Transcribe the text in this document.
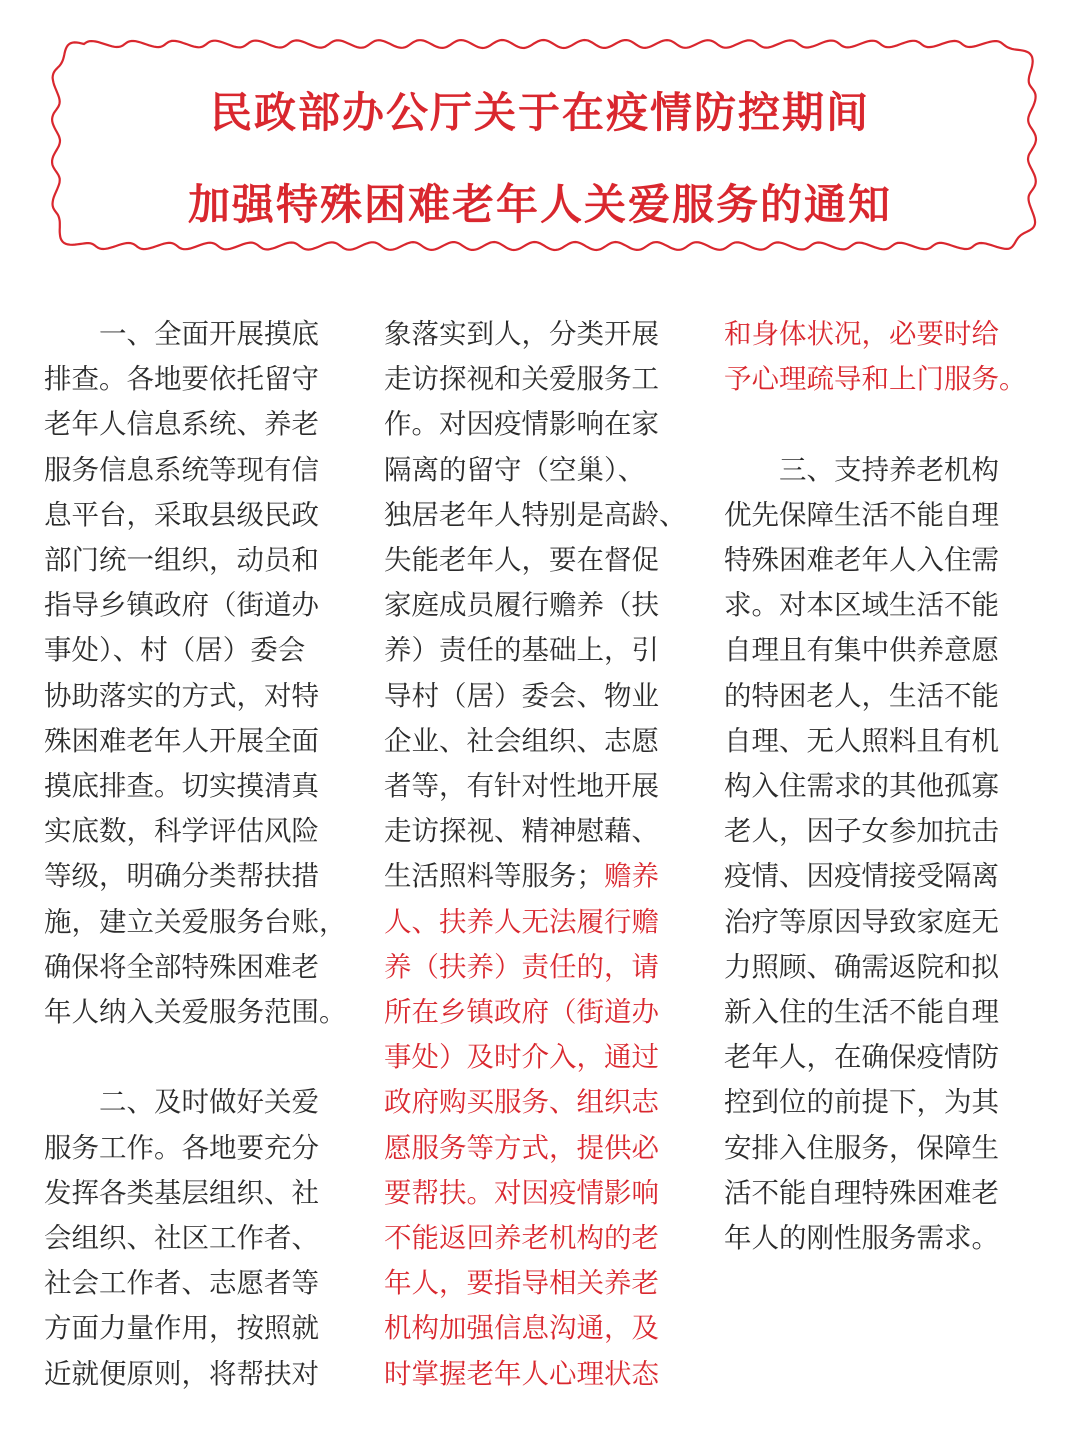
民政部办公厅关于在疫情防控期间
加强特殊困难老年人关爱服务的通知

一、全面开展摸底

排查。各地要依托留守

老年人信息系统、养老

服务信息系统等现有信

息平台，采取县级民政

部门统一组织，动员和

指导乡镇政府（街道办

事处）、村（居）委会

协助落实的方式，对特

殊困难老年人开展全面

摸底排查。切实摸清真

实底数，科学评估风险

等级，明确分类帮扶措

施，建立关爱服务台账，

确保将全部特殊困难老

年人纳入关爱服务范围。

二、及时做好关爱

服务工作。各地要充分

发挥各类基层组织、社

会组织、社区工作者、

社会工作者、志愿者等

方面力量作用，按照就

近就便原则，将帮扶对

象落实到人，分类开展

走访探视和关爱服务工

作。对因疫情影响在家

隔离的留守（空巢）、

独居老年人特别是高龄、

失能老年人，要在督促

家庭成员履行赡养（扶

养）责任的基础上，引

导村（居）委会、物业

企业、社会组织、志愿

者等，有针对性地开展

走访探视、精神慰藉、

生活照料等服务；赡养

人、扶养人无法履行赡

养（扶养）责任的，请

所在乡镇政府（街道办

事处）及时介入，通过

政府购买服务、组织志

愿服务等方式，提供必

要帮扶。对因疫情影响

不能返回养老机构的老

年人，要指导相关养老

机构加强信息沟通，及

时掌握老年人心理状态

和身体状况，必要时给

予心理疏导和上门服务。

三、支持养老机构

优先保障生活不能自理

特殊困难老年人入住需

求。对本区域生活不能

自理且有集中供养意愿

的特困老人，生活不能

自理、无人照料且有机

构入住需求的其他孤寡

老人，因子女参加抗击

疫情、因疫情接受隔离

治疗等原因导致家庭无

力照顾、确需返院和拟

新入住的生活不能自理

老年人，在确保疫情防

控到位的前提下，为其

安排入住服务，保障生

活不能自理特殊困难老

年人的刚性服务需求。
